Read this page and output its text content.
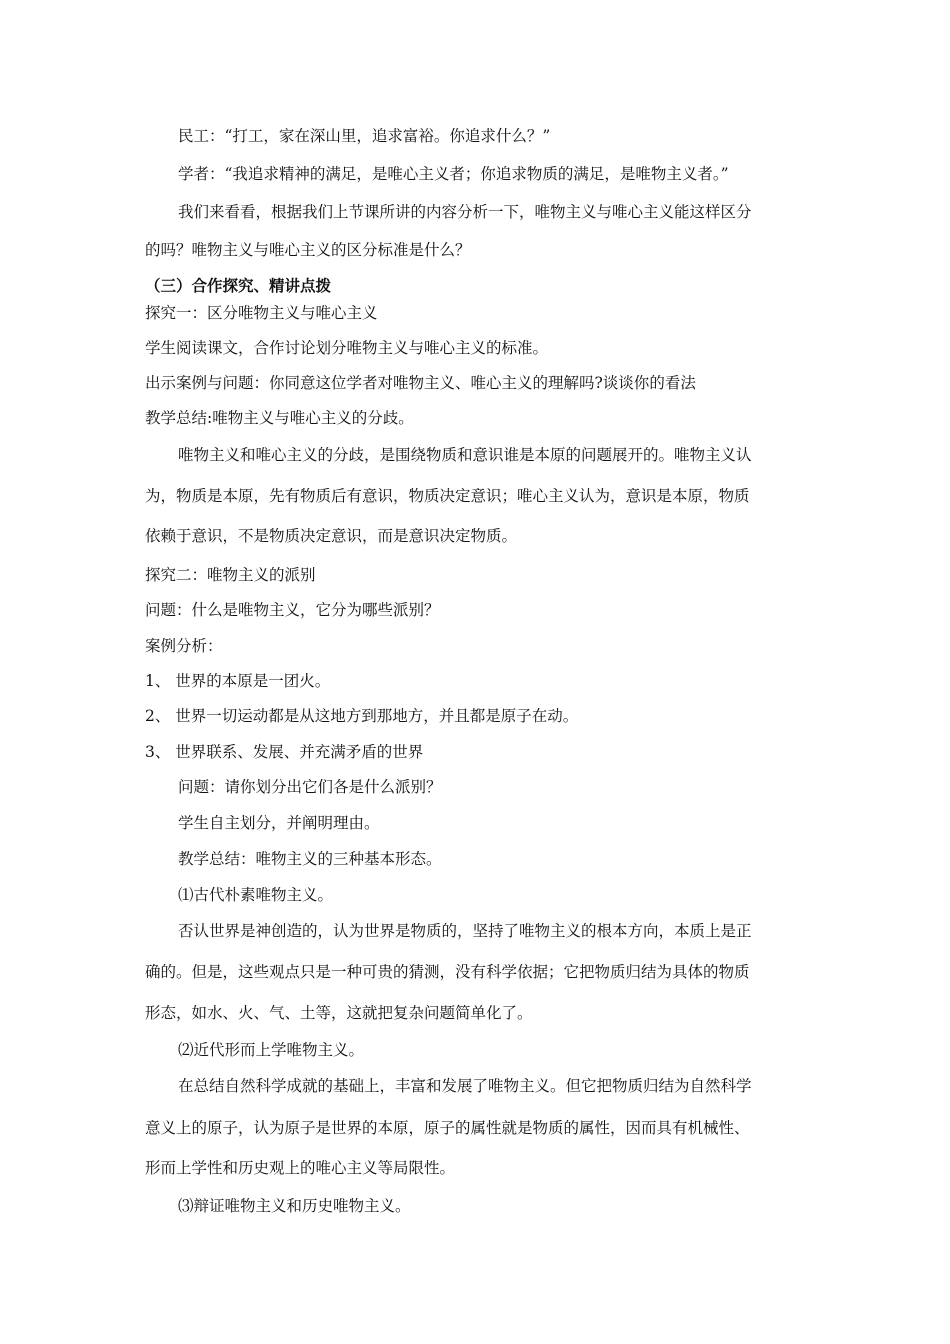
民工：“打工，家在深山里，追求富裕。你追求什么？”
学者：“我追求精神的满足，是唯心主义者；你追求物质的满足，是唯物主义者。”
我们来看看，根据我们上节课所讲的内容分析一下，唯物主义与唯心主义能这样区分
的吗？唯物主义与唯心主义的区分标准是什么？
（三）合作探究、精讲点拨
探究一：区分唯物主义与唯心主义
学生阅读课文，合作讨论划分唯物主义与唯心主义的标准。
出示案例与问题：你同意这位学者对唯物主义、唯心主义的理解吗?谈谈你的看法
教学总结:唯物主义与唯心主义的分歧。
唯物主义和唯心主义的分歧，是围绕物质和意识谁是本原的问题展开的。唯物主义认
为，物质是本原，先有物质后有意识，物质决定意识；唯心主义认为，意识是本原，物质
依赖于意识，不是物质决定意识，而是意识决定物质。
探究二：唯物主义的派别
问题：什么是唯物主义，它分为哪些派别？
案例分析：
1、 世界的本原是一团火。
2、 世界一切运动都是从这地方到那地方，并且都是原子在动。
3、 世界联系、发展、并充满矛盾的世界
问题：请你划分出它们各是什么派别？
学生自主划分，并阐明理由。
教学总结：唯物主义的三种基本形态。
⑴古代朴素唯物主义。
否认世界是神创造的，认为世界是物质的，坚持了唯物主义的根本方向，本质上是正
确的。但是，这些观点只是一种可贵的猜测，没有科学依据；它把物质归结为具体的物质
形态，如水、火、气、土等，这就把复杂问题简单化了。
⑵近代形而上学唯物主义。
在总结自然科学成就的基础上，丰富和发展了唯物主义。但它把物质归结为自然科学
意义上的原子，认为原子是世界的本原，原子的属性就是物质的属性，因而具有机械性、
形而上学性和历史观上的唯心主义等局限性。
⑶辩证唯物主义和历史唯物主义。
